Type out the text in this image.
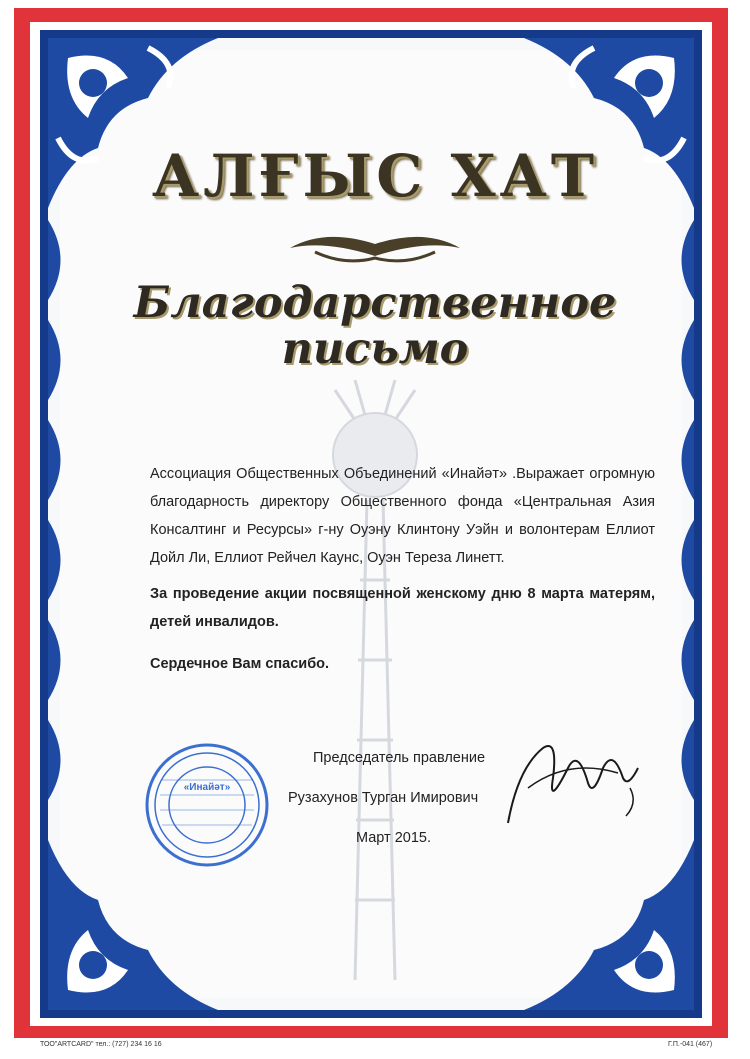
АЛҒЫС ХАТ
Благодарственное
письмо

Ассоциация Общественных Объединений «Инайәт» .Выражает огромную благодарность директору Общественного фонда «Центральная Азия Консалтинг и Ресурсы» г-ну Оуэну Клинтону Уэйн и волонтерам Еллиот Дойл Ли, Еллиот Рейчел Каунс, Оуэн Тереза Линетт.

За проведение акции посвященной женскому дню 8 марта матерям, детей инвалидов.

Сердечное Вам спасибо.

Председатель правление
Рузахунов Турган Имирович
Март 2015.
«Инайәт»
ТОО"ARTCARD" тел.: (727) 234 16 16	Г.П.-041 (467)
